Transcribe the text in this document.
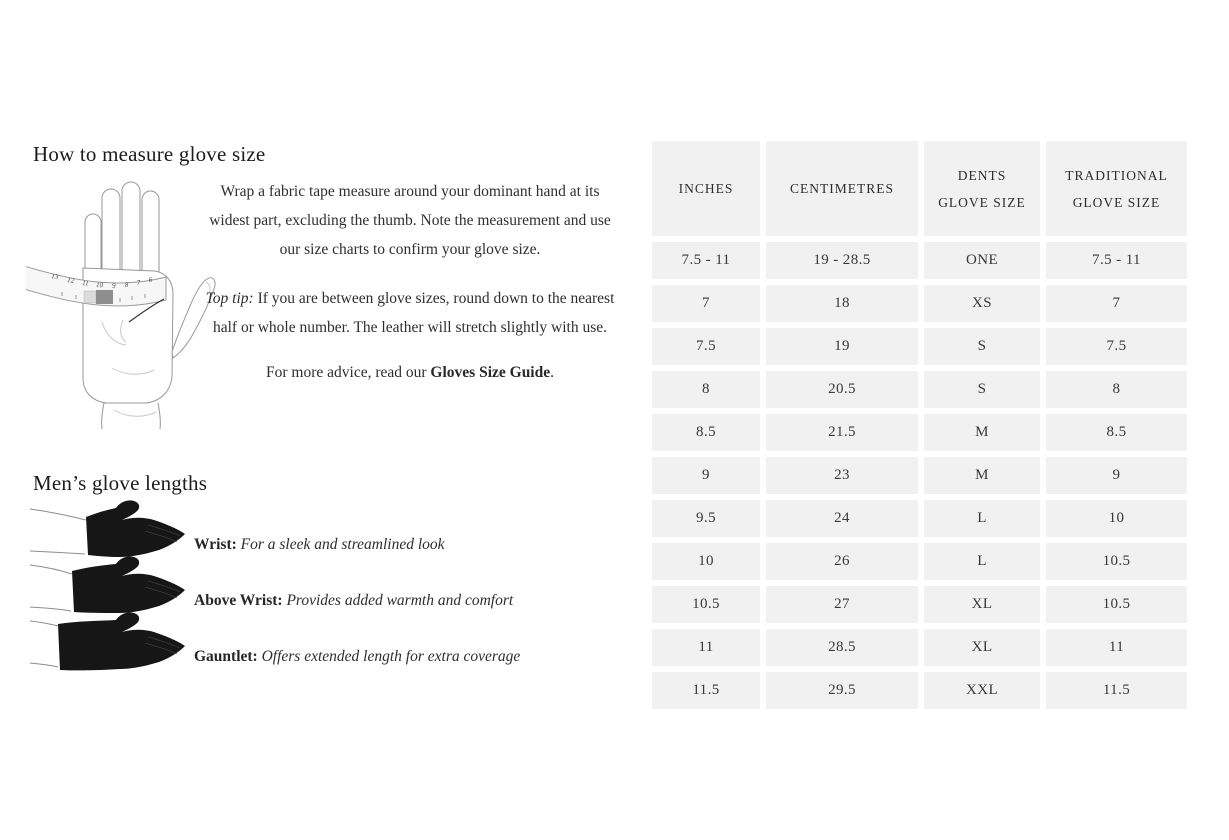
How to measure glove size
13 12 11 10 9 8 7 6

Wrap a fabric tape measure around your dominant hand at its widest part, excluding the thumb. Note the measurement and use our size charts to confirm your glove size.

Top tip: If you are between glove sizes, round down to the nearest half or whole number. The leather will stretch slightly with use.

For more advice, read our Gloves Size Guide.

Men’s glove lengths

Wrist: For a sleek and streamlined look

Above Wrist: Provides added warmth and comfort

Gauntlet: Offers extended length for extra coverage

INCHES	CENTIMETRES	DENTS GLOVE SIZE	TRADITIONAL GLOVE SIZE
7.5 - 11	19 - 28.5	ONE	7.5 - 11
7	18	XS	7
7.5	19	S	7.5
8	20.5	S	8
8.5	21.5	M	8.5
9	23	M	9
9.5	24	L	10
10	26	L	10.5
10.5	27	XL	10.5
11	28.5	XL	11
11.5	29.5	XXL	11.5
